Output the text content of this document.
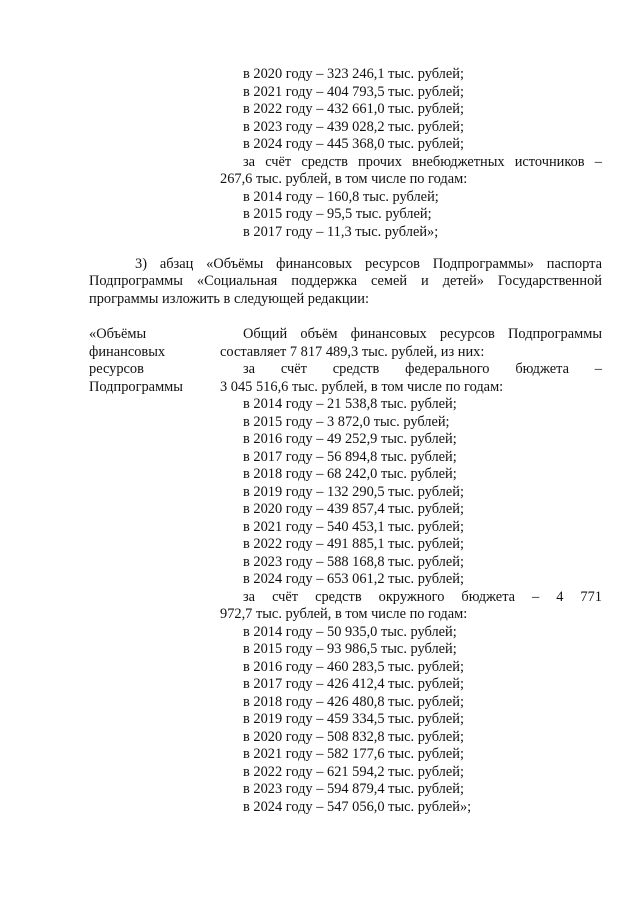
в 2020 году – 323 246,1 тыс. рублей;
в 2021 году – 404 793,5 тыс. рублей;
в 2022 году – 432 661,0 тыс. рублей;
в 2023 году – 439 028,2 тыс. рублей;
в 2024 году – 445 368,0 тыс. рублей;
за счёт средств прочих внебюджетных источников –
267,6 тыс. рублей, в том числе по годам:
в 2014 году – 160,8 тыс. рублей;
в 2015 году – 95,5 тыс. рублей;
в 2017 году – 11,3 тыс. рублей»;
3) абзац «Объёмы финансовых ресурсов Подпрограммы» паспорта Подпрограммы «Социальная поддержка семей и детей» Государственной программы изложить в следующей редакции:
«Объёмы
финансовых
ресурсов
Подпрограммы
Общий объём финансовых ресурсов Подпрограммы
составляет 7 817 489,3 тыс. рублей, из них:
за счёт средств федерального бюджета –
3 045 516,6 тыс. рублей, в том числе по годам:
в 2014 году – 21 538,8 тыс. рублей;
в 2015 году – 3 872,0 тыс. рублей;
в 2016 году – 49 252,9 тыс. рублей;
в 2017 году – 56 894,8 тыс. рублей;
в 2018 году – 68 242,0 тыс. рублей;
в 2019 году – 132 290,5 тыс. рублей;
в 2020 году – 439 857,4 тыс. рублей;
в 2021 году – 540 453,1 тыс. рублей;
в 2022 году – 491 885,1 тыс. рублей;
в 2023 году – 588 168,8 тыс. рублей;
в 2024 году – 653 061,2 тыс. рублей;
за счёт средств окружного бюджета – 4 771
972,7 тыс. рублей, в том числе по годам:
в 2014 году – 50 935,0 тыс. рублей;
в 2015 году – 93 986,5 тыс. рублей;
в 2016 году – 460 283,5 тыс. рублей;
в 2017 году – 426 412,4 тыс. рублей;
в 2018 году – 426 480,8 тыс. рублей;
в 2019 году – 459 334,5 тыс. рублей;
в 2020 году – 508 832,8 тыс. рублей;
в 2021 году – 582 177,6 тыс. рублей;
в 2022 году – 621 594,2 тыс. рублей;
в 2023 году – 594 879,4 тыс. рублей;
в 2024 году – 547 056,0 тыс. рублей»;
